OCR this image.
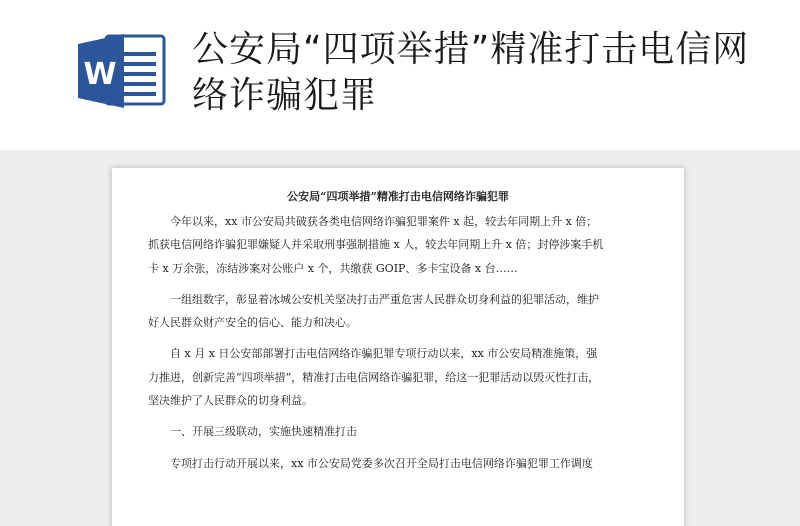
W
公安局“四项举措”精准打击电信网络诈骗犯罪
公安局“四项举措”精准打击电信网络诈骗犯罪
今年以来，xx 市公安局共破获各类电信网络诈骗犯罪案件 x 起，较去年同期上升 x 倍；
抓获电信网络诈骗犯罪嫌疑人并采取刑事强制措施 x 人，较去年同期上升 x 倍；封停涉案手机
卡 x 万余张，冻结涉案对公账户 x 个，共缴获 GOIP、多卡宝设备 x 台……
一组组数字，彰显着冰城公安机关坚决打击严重危害人民群众切身利益的犯罪活动，维护
好人民群众财产安全的信心、能力和决心。
自 x 月 x 日公安部部署打击电信网络诈骗犯罪专项行动以来，xx 市公安局精准施策，强
力推进，创新完善“四项举措”，精准打击电信网络诈骗犯罪，给这一犯罪活动以毁灭性打击，
坚决维护了人民群众的切身利益。
一、开展三级联动，实施快速精准打击
专项打击行动开展以来，xx 市公安局党委多次召开全局打击电信网络诈骗犯罪工作调度
